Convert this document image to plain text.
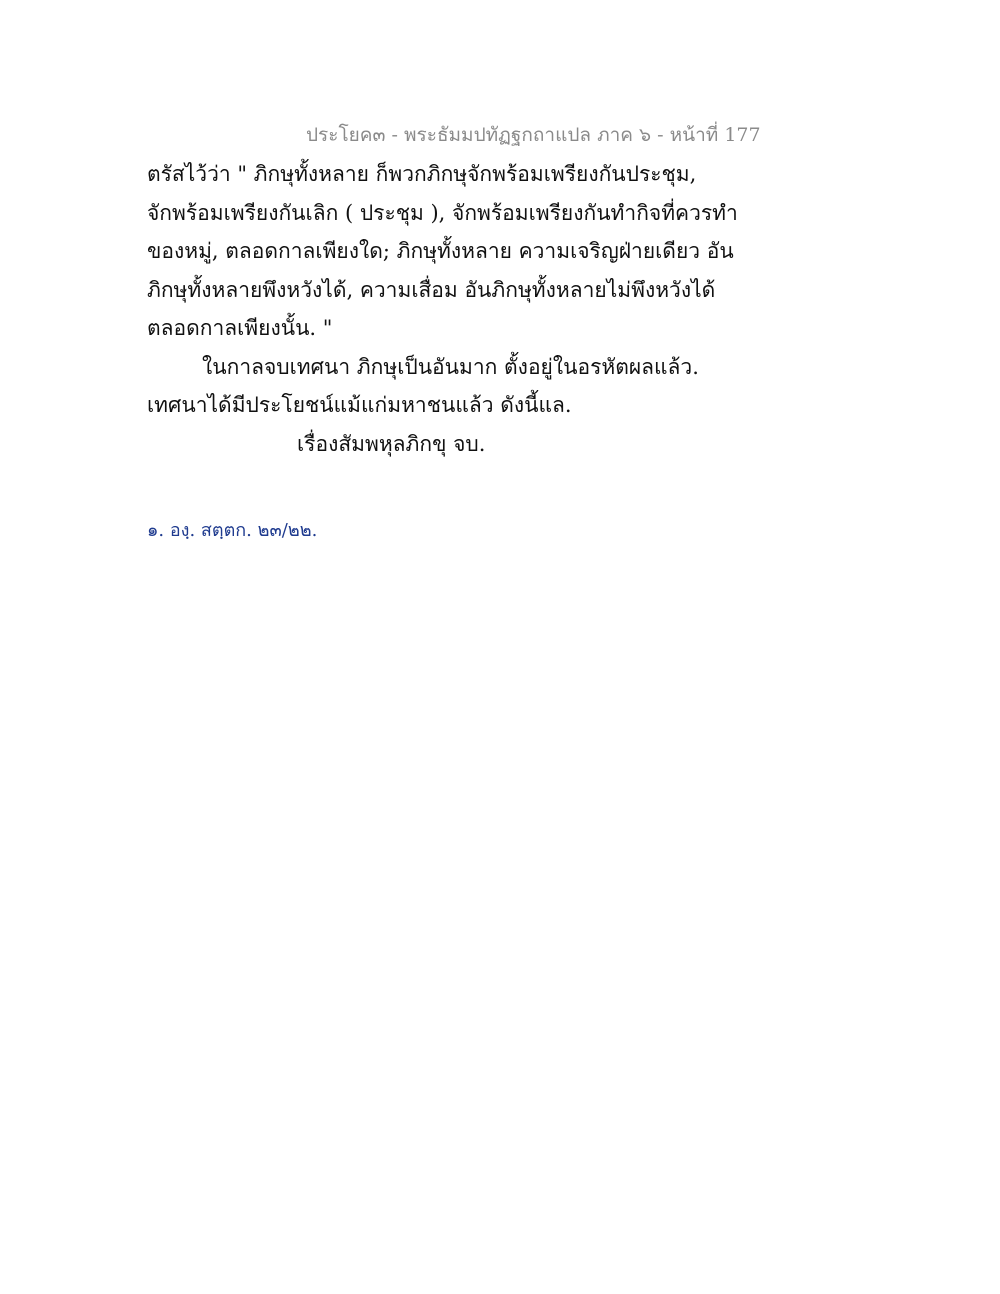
ประโยค๓ - พระธัมมปทัฏฐกถาแปล ภาค ๖ - หน้าที่ 177
ตรัสไว้ว่า " ภิกษุทั้งหลาย ก็พวกภิกษุจักพร้อมเพรียงกันประชุม,
จักพร้อมเพรียงกันเลิก ( ประชุม ), จักพร้อมเพรียงกันทำกิจที่ควรทำ
ของหมู่, ตลอดกาลเพียงใด; ภิกษุทั้งหลาย ความเจริญฝ่ายเดียว อัน
ภิกษุทั้งหลายพึงหวังได้, ความเสื่อม อันภิกษุทั้งหลายไม่พึงหวังได้
ตลอดกาลเพียงนั้น. "
ในกาลจบเทศนา ภิกษุเป็นอันมาก ตั้งอยู่ในอรหัตผลแล้ว.
เทศนาได้มีประโยชน์แม้แก่มหาชนแล้ว ดังนี้แล.
เรื่องสัมพหุลภิกขุ จบ.
๑. องฺ. สตฺตก. ๒๓/๒๒.
